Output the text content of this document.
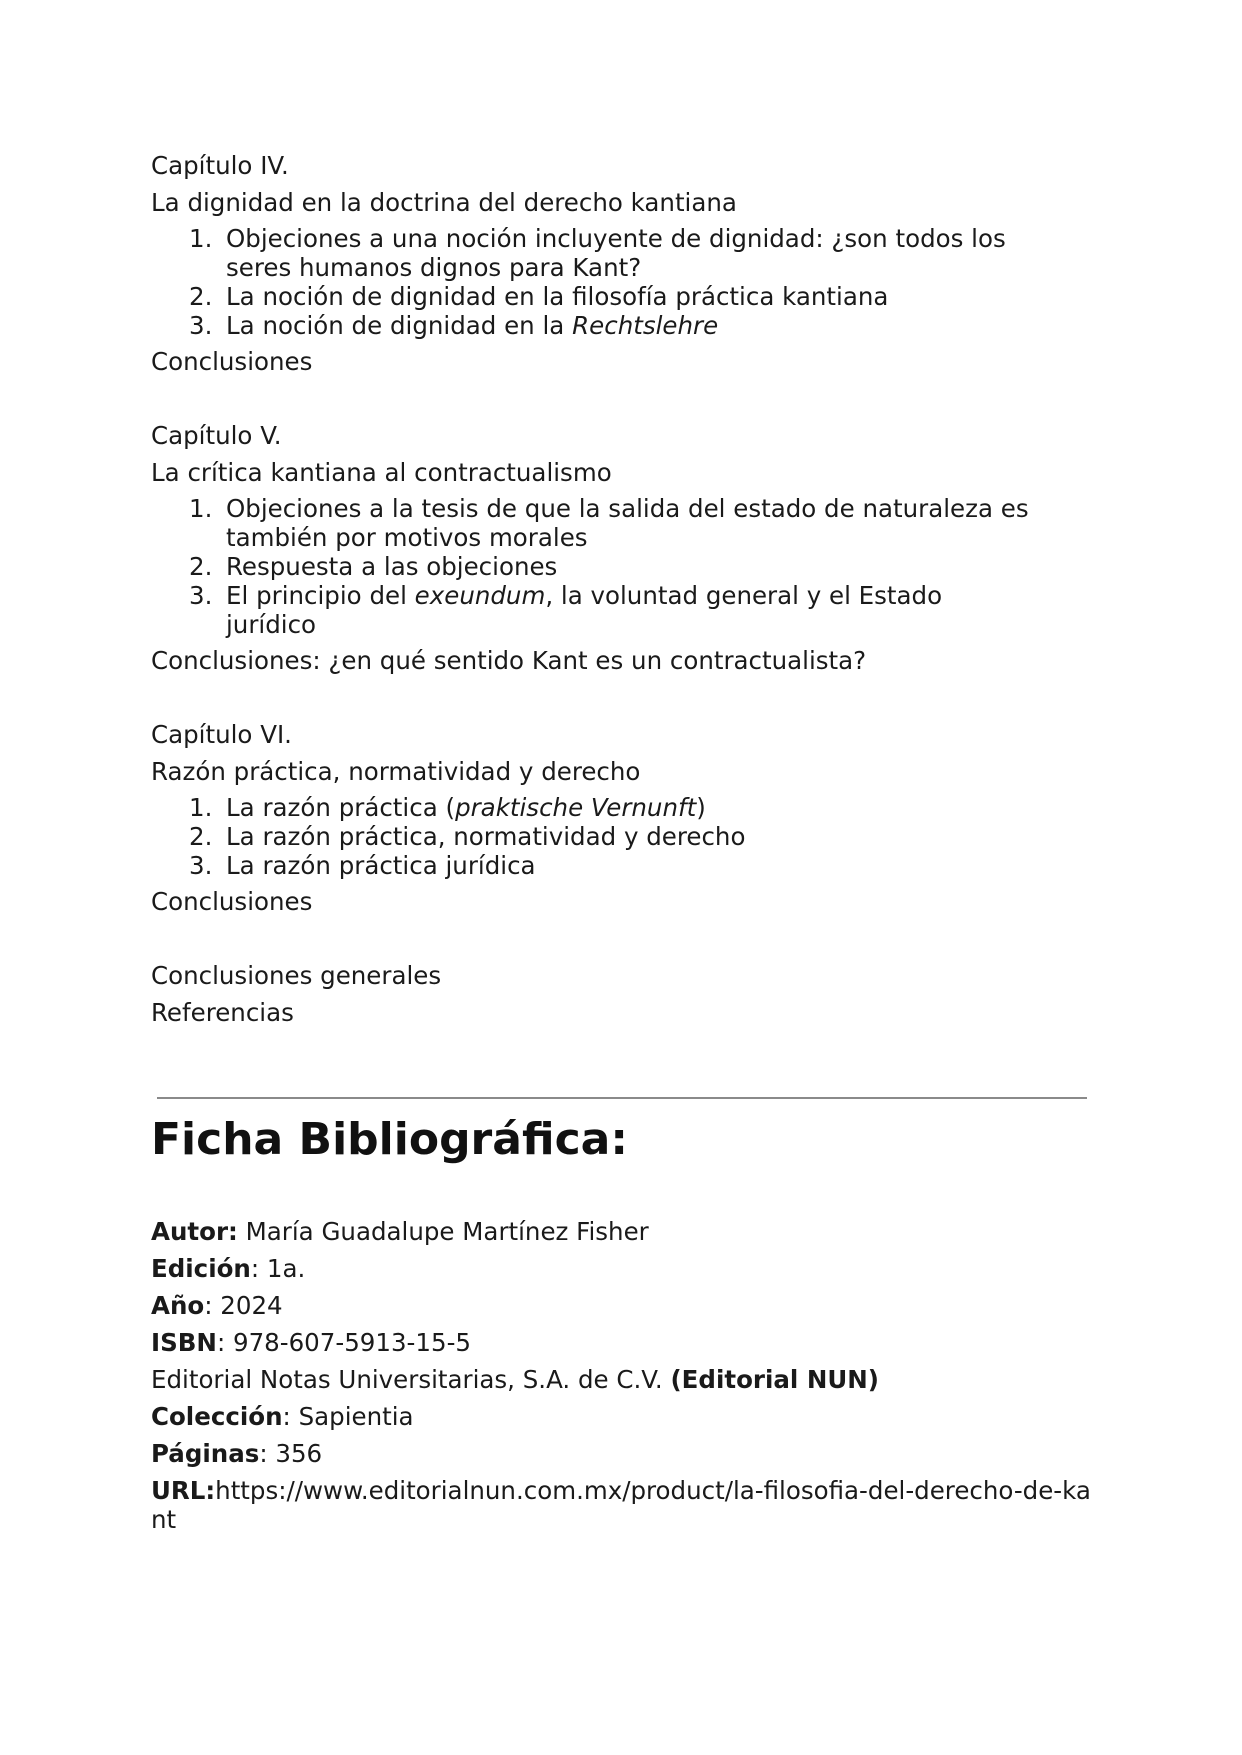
Capítulo IV.
La dignidad en la doctrina del derecho kantiana
1. Objeciones a una noción incluyente de dignidad: ¿son todos los
seres humanos dignos para Kant?
2. La noción de dignidad en la filosofía práctica kantiana
3. La noción de dignidad en la Rechtslehre
Conclusiones
Capítulo V.
La crítica kantiana al contractualismo
1. Objeciones a la tesis de que la salida del estado de naturaleza es
también por motivos morales
2. Respuesta a las objeciones
3. El principio del exeundum, la voluntad general y el Estado
jurídico
Conclusiones: ¿en qué sentido Kant es un contractualista?
Capítulo VI.
Razón práctica, normatividad y derecho
1. La razón práctica (praktische Vernunft)
2. La razón práctica, normatividad y derecho
3. La razón práctica jurídica
Conclusiones
Conclusiones generales
Referencias
Ficha Bibliográfica:
Autor: María Guadalupe Martínez Fisher
Edición: 1a.
Año: 2024
ISBN: 978-607-5913-15-5
Editorial Notas Universitarias, S.A. de C.V. (Editorial NUN)
Colección: Sapientia
Páginas: 356
URL:https://www.editorialnun.com.mx/product/la-filosofia-del-derecho-de-kant
